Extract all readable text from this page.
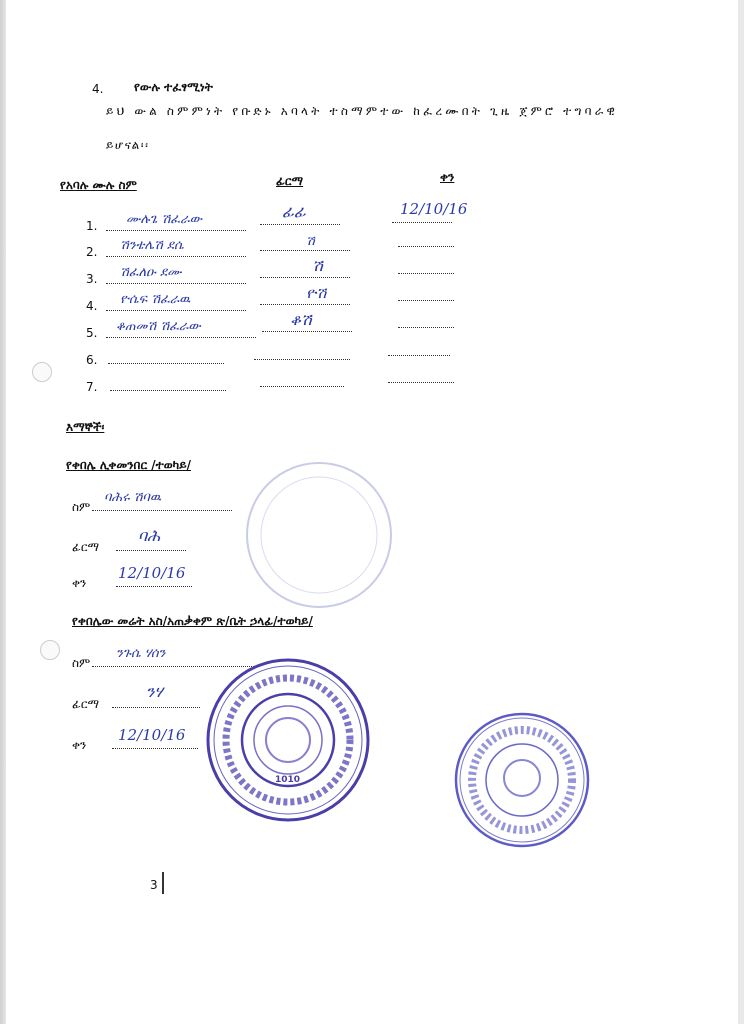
4.	የውሉ ተፈፃሚነት
ይህ ውል ስምምነት የቡድኑ አባላት ተስማምተው ከፈረሙበት ጊዜ ጀምሮ ተግባራዊ
ይሆናል፡፡
የአባሉ ሙሉ ስም	ፊርማ	ቀን
1. ሙሉጌ ሽፈራው	ፊፊ	12/10/16
2. ሽንቴሌሽ ደሴ	ሽ
3. ሽፈለዑ ደሙ	ሽ
4. ዮሴፍ ሽፈራዉ	ዮሽ
5. ቆጠመሽ ሽፈራው	ቆሽ
6.
7.
እማኞች፡
የቀበሌ ሊቀመንበር /ተወካይ/
ስም
ባሕሩ ሽባዉ
ፊርማ
ባሕ
ቀን
12/10/16
የቀበሌው መሬት አስ/አጠቃቀም ጽ/ቤት ኃላፊ/ተወካይ/
ስም
ንጉሴ ሃሰን
ፊርማ
ንሃ
ቀን
12/10/16
1010
3
